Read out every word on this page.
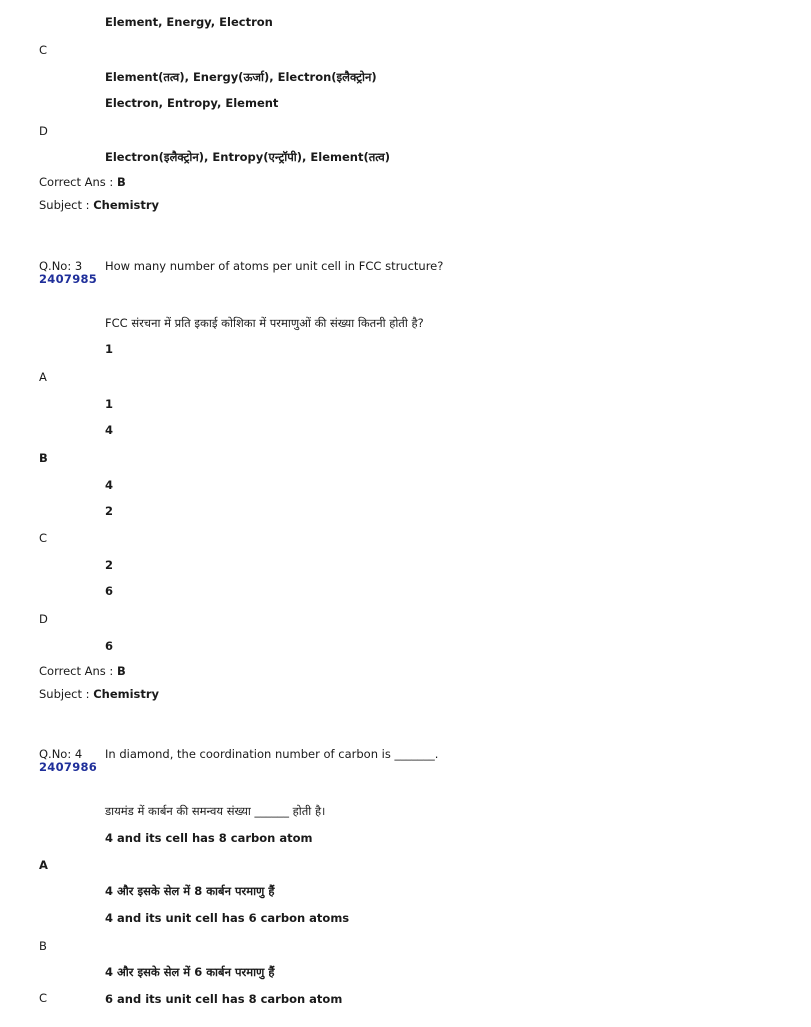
Element, Energy, Electron
C
Element(तत्व), Energy(ऊर्जा), Electron(इलैक्ट्रोन)
Electron, Entropy, Element
D
Electron(इलैक्ट्रोन), Entropy(एन्ट्रॉपी), Element(तत्व)
Correct Ans : B
Subject : Chemistry
Q.No: 3
2407985
How many number of atoms per unit cell in FCC structure?
FCC संरचना में प्रति इकाई कोशिका में परमाणुओं की संख्या कितनी होती है?
1
A
1
4
B
4
2
C
2
6
D
6
Correct Ans : B
Subject : Chemistry
Q.No: 4
2407986
In diamond, the coordination number of carbon is _______.
डायमंड में कार्बन की समन्वय संख्या ______ होती है।
4 and its cell has 8 carbon atom
A
4 और इसके सेल में 8 कार्बन परमाणु हैं
4 and its unit cell has 6 carbon atoms
B
4 और इसके सेल में 6 कार्बन परमाणु हैं
C	6 and its unit cell has 8 carbon atom
